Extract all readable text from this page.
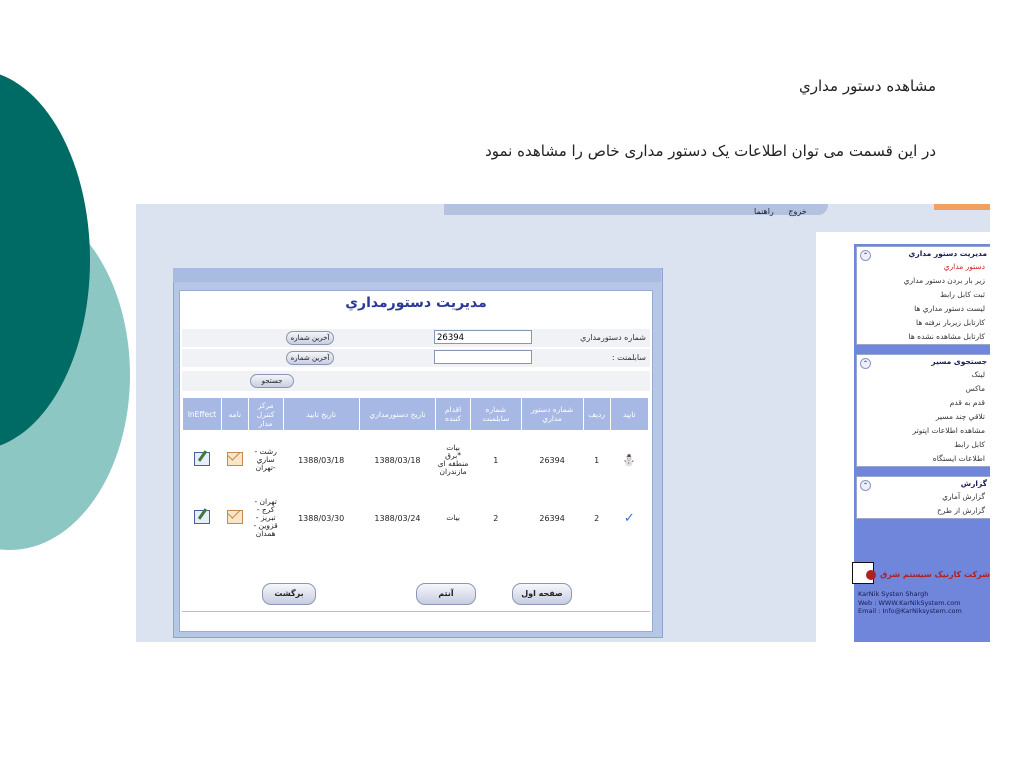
مشاهده دستور مداري
در اين قسمت مى توان اطلاعات يک دستور مداری خاص را مشاهده نمود
خروج راهنما
مديريت دستور مداري
⌃
دستور مداري
زير بار بردن دستور مداري
ثبت كابل رابط
ليست دستور مداري ها
كارتابل زيربار نرفته ها
كارتابل مشاهده نشده ها
جستجوى مسير
⌃
لينک
ماكس
قدم به قدم
تلاقي چند مسير
مشاهده اطلاعات اپتوتر
كابل رابط
اطلاعات ايستگاه
گزارش
⌃
گزارش آماري
گزارش از طرح
شرکت كارنيک سيستم شرق
KarNik Systen Shargh
Web : WWW.KarNikSystem.com
Email : Info@KarNiksystem.com
مديريت دستورمداري
شماره دستورمداري
26394
آخرين شماره
سابلمنت :
آخرين شماره
جستجو
تاييد	رديف	شماره دستور مداري	شماره سابلمنت	اقدام كننده	تاريخ دستورمداري	تاريخ تاييد	مركز كنترل مدار	نامه	InEffect
⛄	1	26394	1	بيات *برق منطقه اى مازندران	1388/03/18	1388/03/18	رشت - ساري -تهران		
✓	2	26394	2	بيات	1388/03/24	1388/03/30	تهران - كرج - تبريز - قزوين - همدان		
صفحه اول
آنتم
برگشت
